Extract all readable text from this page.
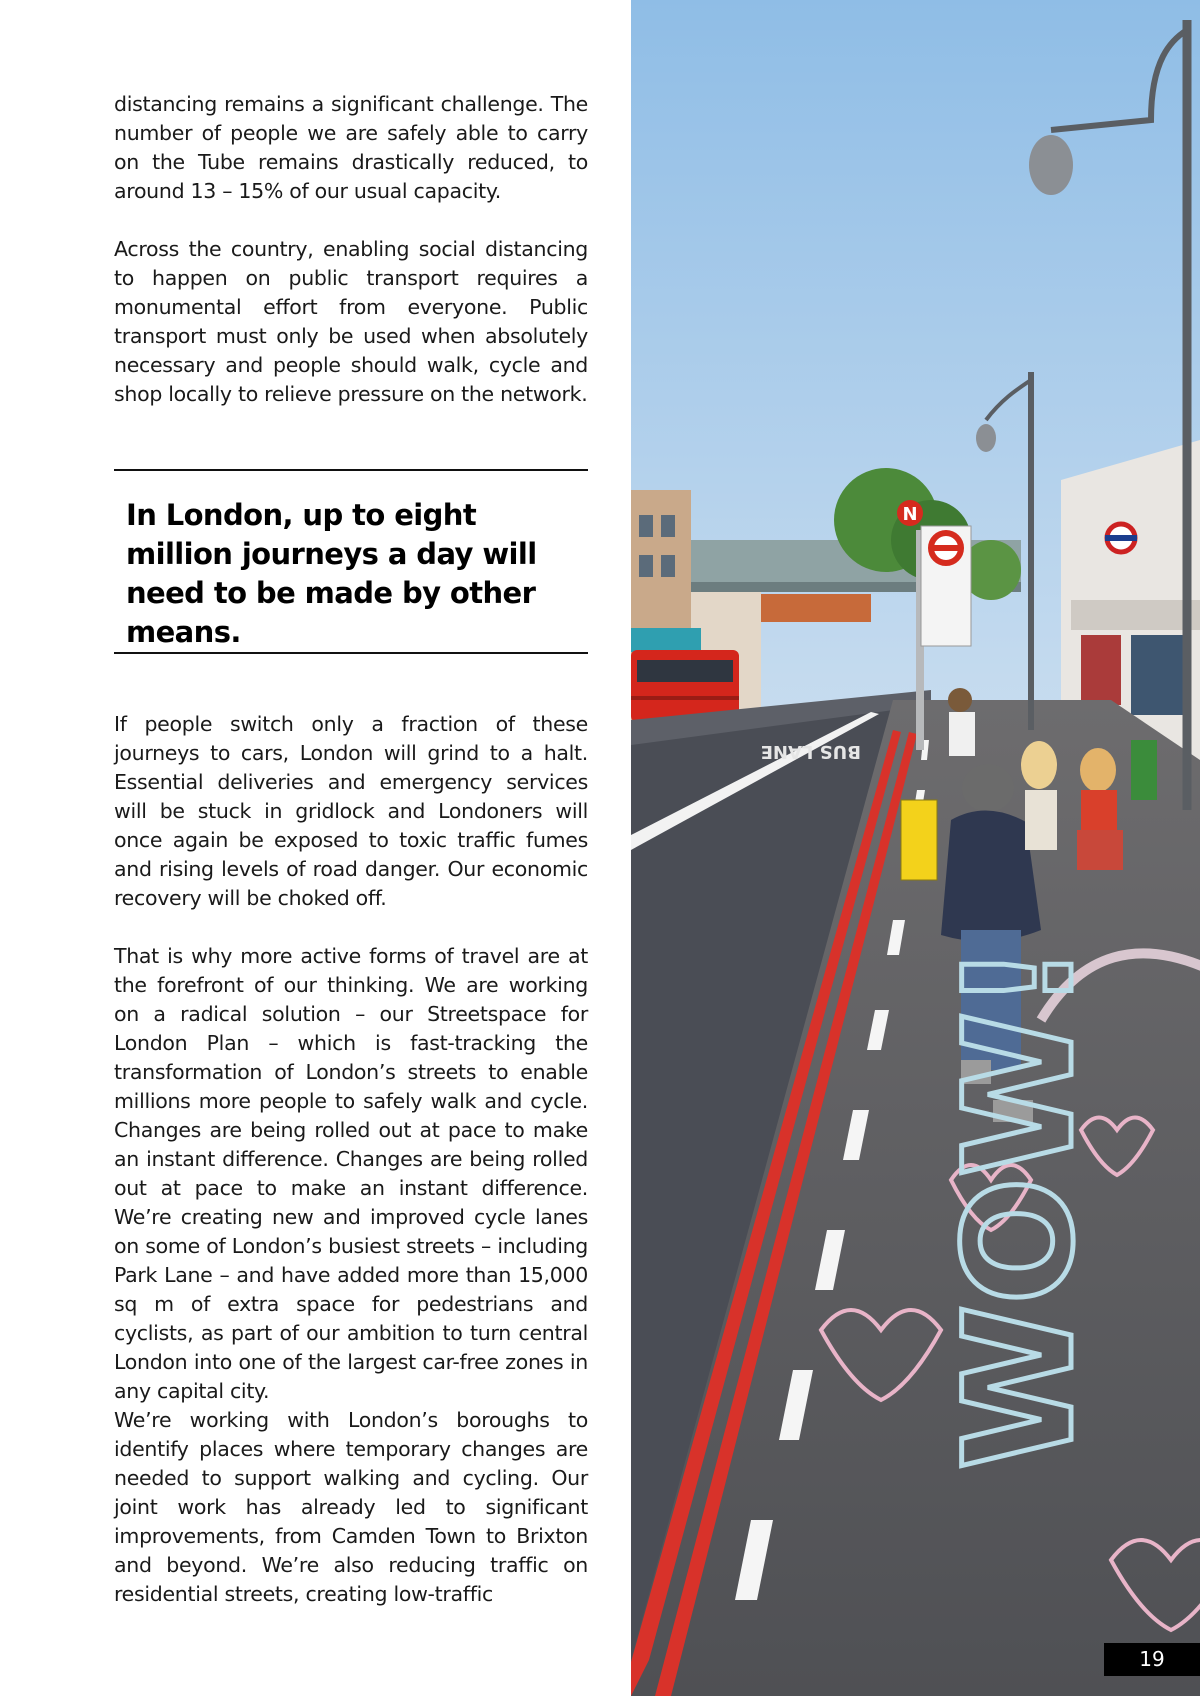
distancing remains a significant challenge. The number of people we are safely able to carry on the Tube remains drastically reduced, to around 13 – 15% of our usual capacity.

Across the country, enabling social distancing to happen on public transport requires a monumental effort from everyone. Public transport must only be used when absolutely necessary and people should walk, cycle and shop locally to relieve pressure on the network.

In London, up to eight million journeys a day will need to be made by other means.

If people switch only a fraction of these journeys to cars, London will grind to a halt. Essential deliveries and emergency services will be stuck in gridlock and Londoners will once again be exposed to toxic traffic fumes and rising levels of road danger. Our economic recovery will be choked off.

That is why more active forms of travel are at the forefront of our thinking. We are working on a radical solution – our Streetspace for London Plan – which is fast-tracking the transformation of London’s streets to enable millions more people to safely walk and cycle. Changes are being rolled out at pace to make an instant difference. Changes are being rolled out at pace to make an instant difference. We’re creating new and improved cycle lanes on some of London’s busiest streets – including Park Lane – and have added more than 15,000 sq m of extra space for pedestrians and cyclists, as part of our ambition to turn central London into one of the largest car-free zones in any capital city.

We’re working with London’s boroughs to identify places where temporary changes are needed to support walking and cycling. Our joint work has already led to significant improvements, from Camden Town to Brixton and beyond. We’re also reducing traffic on residential streets, creating low-traffic

BUS LANE
N
WOW!
19
